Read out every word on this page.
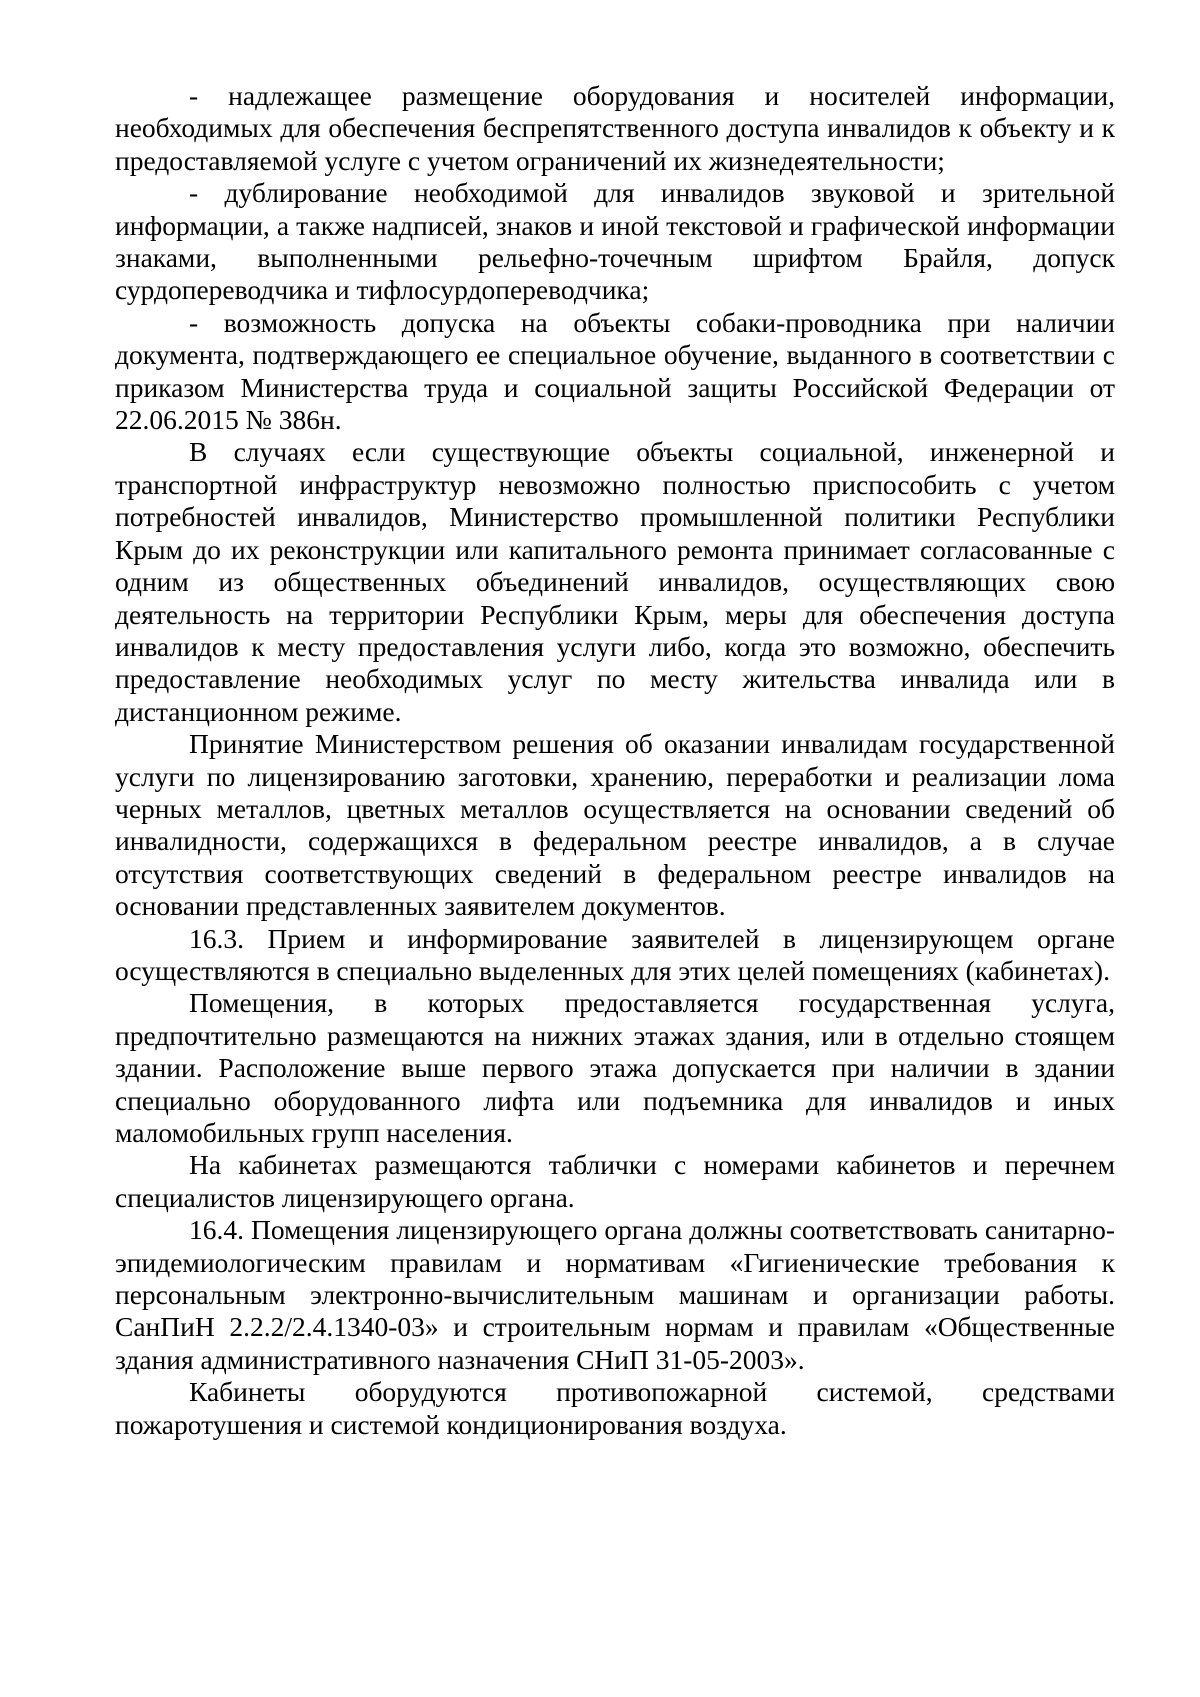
- надлежащее размещение оборудования и носителей информации, необходимых для обеспечения беспрепятственного доступа инвалидов к объекту и к предоставляемой услуге с учетом ограничений их жизнедеятельности;

- дублирование необходимой для инвалидов звуковой и зрительной информации, а также надписей, знаков и иной текстовой и графической информации знаками, выполненными рельефно-точечным шрифтом Брайля, допуск сурдопереводчика и тифлосурдопереводчика;

- возможность допуска на объекты собаки-проводника при наличии документа, подтверждающего ее специальное обучение, выданного в соответствии с приказом Министерства труда и социальной защиты Российской Федерации от 22.06.2015 № 386н.

В случаях если существующие объекты социальной, инженерной и транспортной инфраструктур невозможно полностью приспособить с учетом потребностей инвалидов, Министерство промышленной политики Республики Крым до их реконструкции или капитального ремонта принимает согласованные с одним из общественных объединений инвалидов, осуществляющих свою деятельность на территории Республики Крым, меры для обеспечения доступа инвалидов к месту предоставления услуги либо, когда это возможно, обеспечить предоставление необходимых услуг по месту жительства инвалида или в дистанционном режиме.

Принятие Министерством решения об оказании инвалидам государственной услуги по лицензированию заготовки, хранению, переработки и реализации лома черных металлов, цветных металлов осуществляется на основании сведений об инвалидности, содержащихся в федеральном реестре инвалидов, а в случае отсутствия соответствующих сведений в федеральном реестре инвалидов на основании представленных заявителем документов.

16.3. Прием и информирование заявителей в лицензирующем органе осуществляются в специально выделенных для этих целей помещениях (кабинетах).

Помещения, в которых предоставляется государственная услуга, предпочтительно размещаются на нижних этажах здания, или в отдельно стоящем здании. Расположение выше первого этажа допускается при наличии в здании специально оборудованного лифта или подъемника для инвалидов и иных маломобильных групп населения.

На кабинетах размещаются таблички с номерами кабинетов и перечнем специалистов лицензирующего органа.

16.4. Помещения лицензирующего органа должны соответствовать санитарно-эпидемиологическим правилам и нормативам «Гигиенические требования к персональным электронно-вычислительным машинам и организации работы. СанПиН 2.2.2/2.4.1340-03» и строительным нормам и правилам «Общественные здания административного назначения СНиП 31-05-2003».

Кабинеты оборудуются противопожарной системой, средствами пожаротушения и системой кондиционирования воздуха.
